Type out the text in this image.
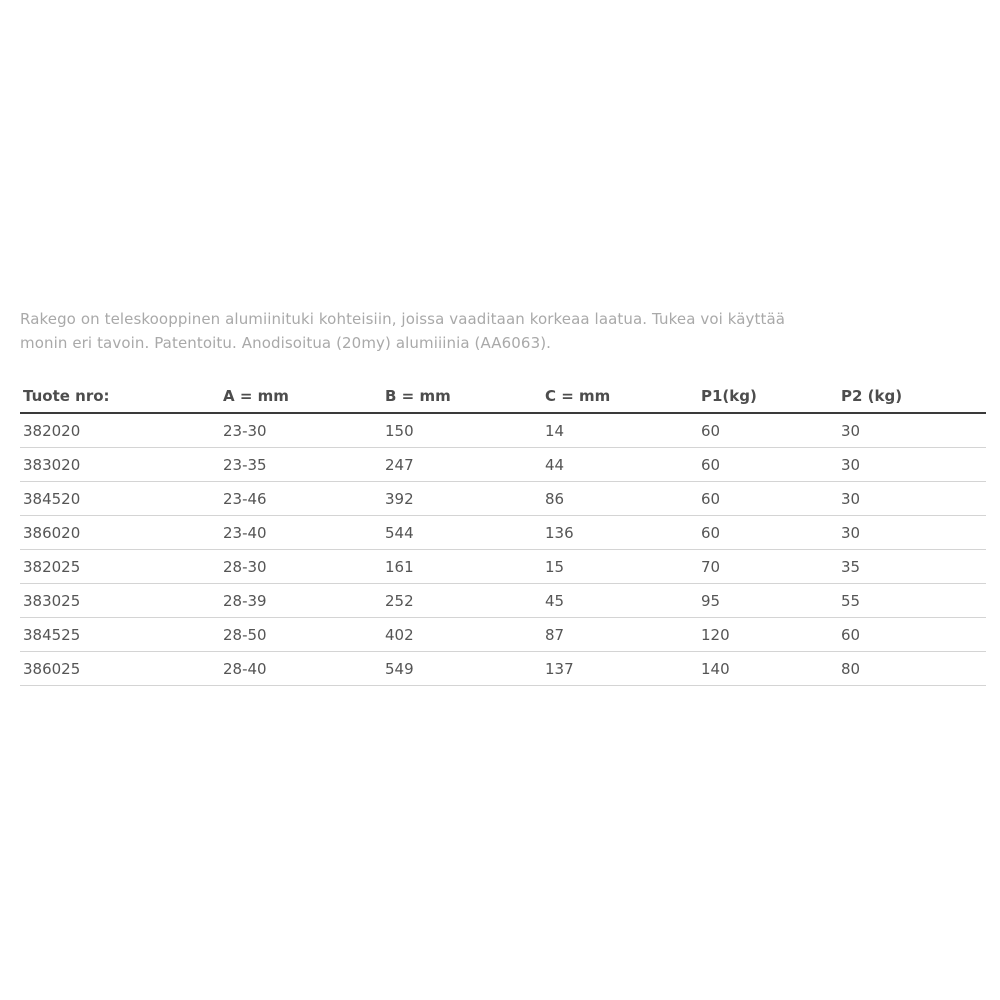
Rakego on teleskooppinen alumiinituki kohteisiin, joissa vaaditaan korkeaa laatua. Tukea voi käyttää
monin eri tavoin. Patentoitu. Anodisoitua (20my) alumiiinia (AA6063).

Tuote nro:	A = mm	B = mm	C = mm	P1(kg)	P2 (kg)
382020	23-30	150	14	60	30
383020	23-35	247	44	60	30
384520	23-46	392	86	60	30
386020	23-40	544	136	60	30
382025	28-30	161	15	70	35
383025	28-39	252	45	95	55
384525	28-50	402	87	120	60
386025	28-40	549	137	140	80
